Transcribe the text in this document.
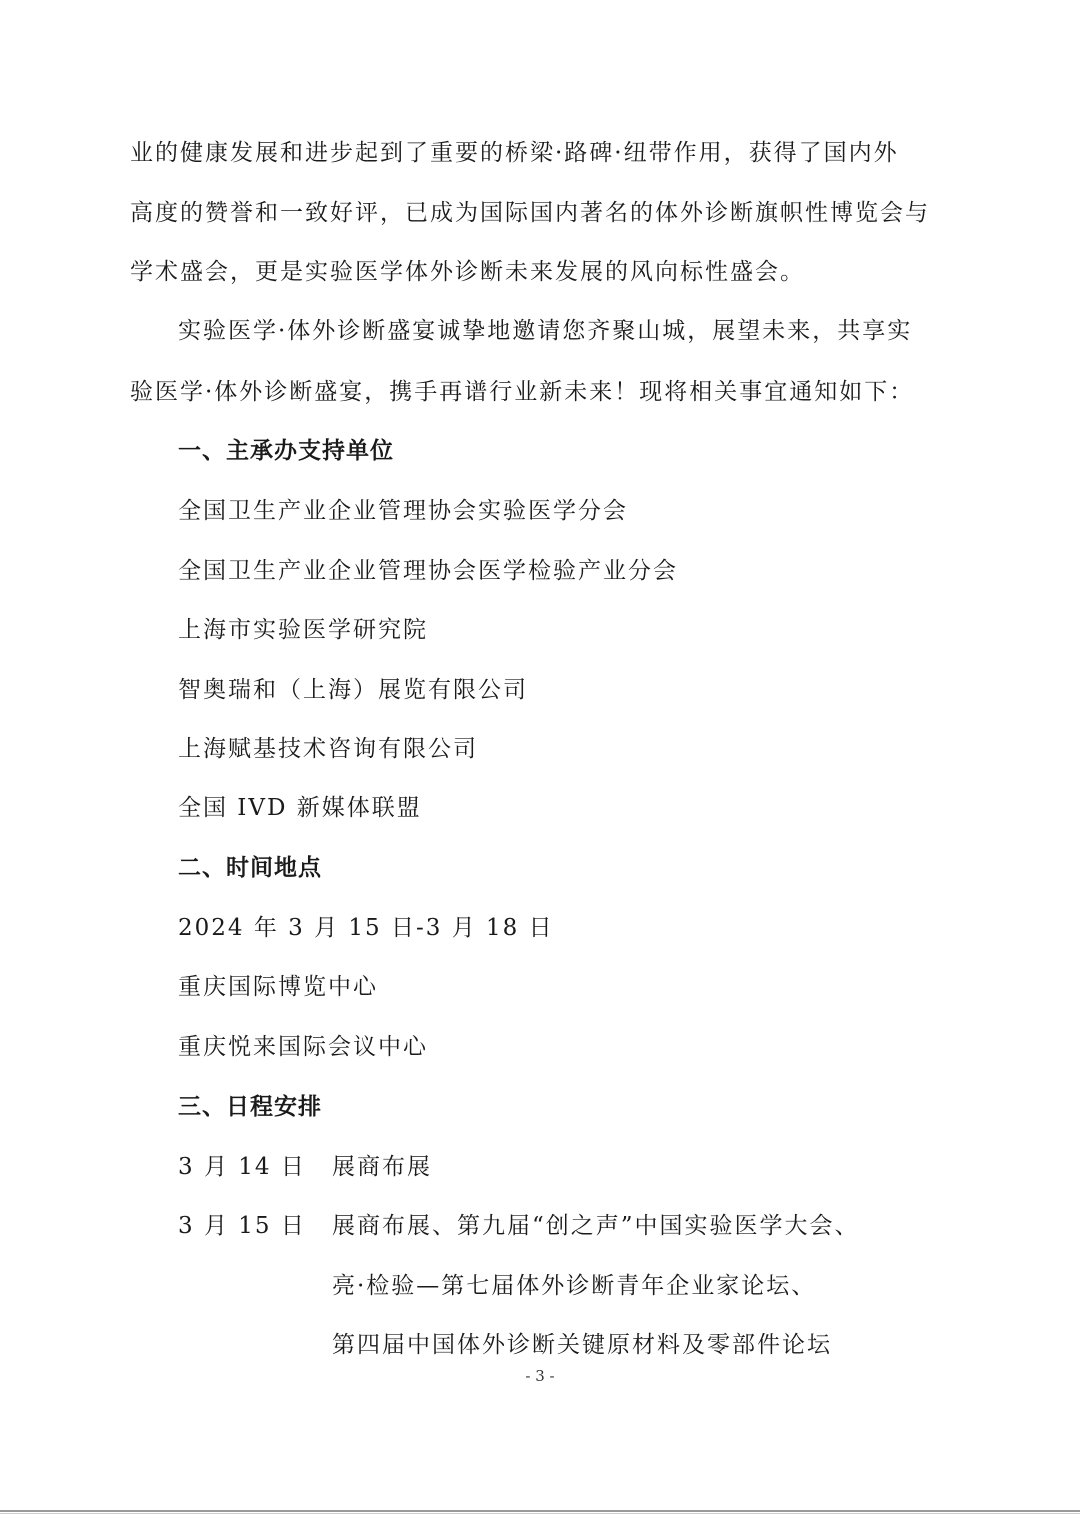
业的健康发展和进步起到了重要的桥梁·路碑·纽带作用，获得了国内外
高度的赞誉和一致好评，已成为国际国内著名的体外诊断旗帜性博览会与
学术盛会，更是实验医学体外诊断未来发展的风向标性盛会。
实验医学·体外诊断盛宴诚挚地邀请您齐聚山城，展望未来，共享实
验医学·体外诊断盛宴，携手再谱行业新未来！现将相关事宜通知如下：
一、主承办支持单位
全国卫生产业企业管理协会实验医学分会
全国卫生产业企业管理协会医学检验产业分会
上海市实验医学研究院
智奥瑞和（上海）展览有限公司
上海赋基技术咨询有限公司
全国 IVD 新媒体联盟
二、时间地点
2024 年 3 月 15 日-3 月 18 日
重庆国际博览中心
重庆悦来国际会议中心
三、日程安排
3 月 14 日 展商布展
3 月 15 日 展商布展、第九届“创之声”中国实验医学大会、
亮·检验—第七届体外诊断青年企业家论坛、
第四届中国体外诊断关键原材料及零部件论坛
- 3 -
